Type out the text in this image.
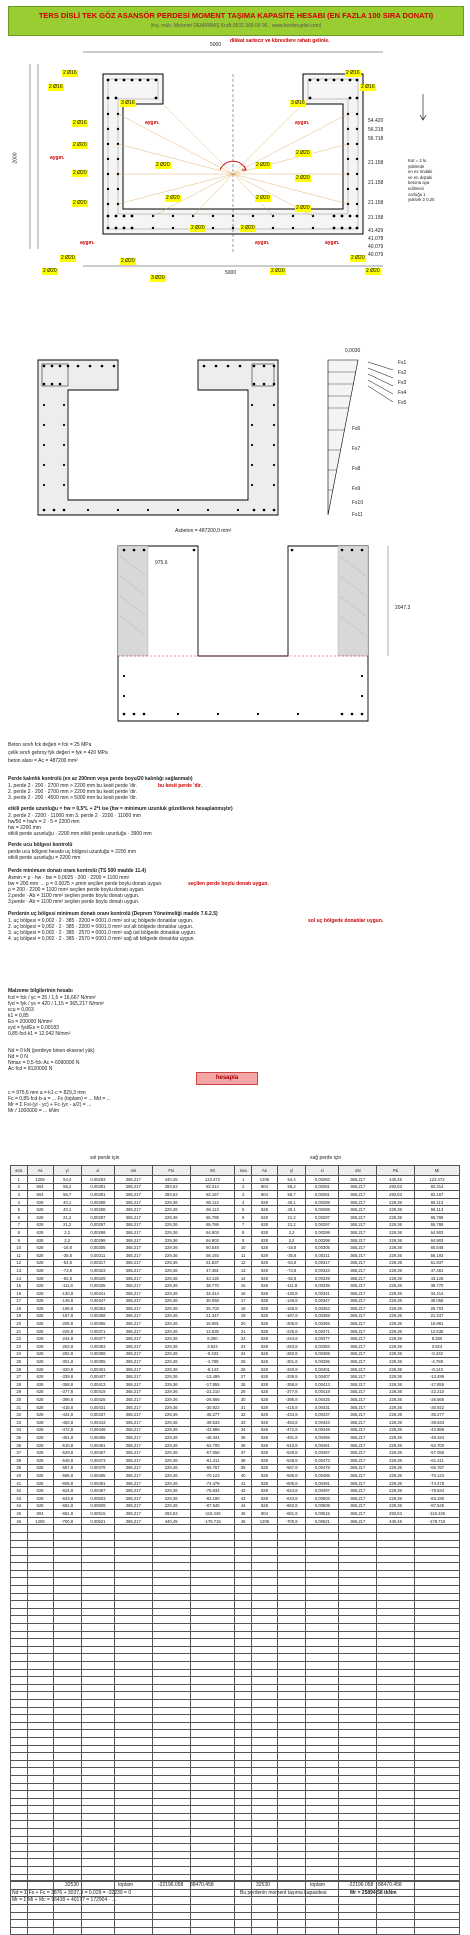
TERS DİSLİ TEK GÖZ ASANSÖR PERDESİ MOMENT TAŞIMA KAPASİTE HESABI (EN FAZLA 100 SIRA DONATI)
(inş. müh. Mehmet DEMİRBAŞ Kraft 0532 368 00 96 . www.herderuplet.com)
dikkat sarkıcır ve kbrestlere rahatı gelinle.
5000
5000
2000
2 Ø16
2 Ø16
3 Ø16
2 Ø16
2 Ø20
2 Ø20
2 Ø20
2 Ø20
2 Ø20
2 Ø20
3 Ø20
2 Ø16
2 Ø16
3 Ø16
2 Ø20
2 Ø20
2 Ø20
2 Ø20
2 Ø20
2 Ø20
2 Ø20	2 Ø20
2 Ø20	2 Ø20
2 Ø20	2 Ø20
aygın.
aygın.	aygın.
aygın.	aygın.	aygın.
54.420
56.218
56.718
21.158
21.158
21.158
21.158
41.429
41.078
40.079
40.079
Kut = 2 lu
yüklerde
en ev rindaki
ve en dıştaki
betona aya
edilmesi
zorluğu 1
yüksek 2 0,25
Fs1
Fs2
Fs3
Fs4
Fs5
Fs6
Fs7
Fs8
Fs9
Fs10
Fs11
0,0030
Asbeton = 487200,0 mm²
975,6
2047,3
Beton sınıfı fck değeri = fck = 25 MPa
çelik sınıfı gebroy fyk değeri = fyk = 420 MPa
beton alanı = Ac = 487200 mm²
Perde kalınlık kontrolü (en az 200mm veya perde boyu/20 kalınlığı sağlanmalı)
1. perde 2 · 200 · 2700 mm > 2200 mm bu kesit perde 'dir.
2. perde 2 · 200 · 2700 mm > 2200 mm bu kesit perde 'dir.
3. perde 2 · 200 · 4500 mm > 5000 mm bu kesit perde 'dir.
etkili perde uzunluğu = hw = 0,5*L + 2*t ise (hw = minimum uzunluk gözetilerek hesaplanmıştır)
2. perde 2 · 2200 · 11000 mm 3. perde 2 · 2200 · 11000 mm
hw/50 = hw/s = 2 · 5 = 2200 mm
hw = 2200 mm
etkili perde uzunluğu · 2200 mm etkili perde uzunluğu · 3900 mm
Perde ucu bölgesi kontrolü
perde ucu bölgesi hesabı uç bölgesi uzunluğu = 2200 mm
etkili perde uzunluğu = 2200 mm
Perde minimum donatı oranı kontrolü (TS 500 madde 11.4)
Asmin = ρ · hw · bw = 0,0025 · 200 · 2200 = 1100 mm²
bw = 200 mm → ρ = 0.0025 > ρmin seçilen perde boylu donatı uygun.
ρ = 200 · 2200 = 1100 mm² seçilen perde boylu donatı uygun.
2.perde · Ab = 1100 mm² seçilen perde boylu donatı uygun.
3.perde · Ab = 1100 mm² seçilen perde boylu donatı uygun.
Perdenin uç bölgesi minimum donatı oranı kontrolü (Deprem Yönetmeliği madde 7.6.2.5)
1. uç bölgesi = 0,002 · 2 · 385 · 2200 = 0001.0 mm² sol uç bölgede donatılar uygun.
2. uç bölgesi = 0,002 · 2 · 385 · 2200 = 0001.0 mm² sol alt bölgede donatılar uygun.
3. uç bölgesi = 0,002 · 2 · 385 · 2570 = 0001.0 mm² sağ üst bölgede donatılar uygun.
4. uç bölgesi = 0,002 · 2 · 385 · 2570 = 0001.0 mm² sağ alt bölgede donatılar uygun.
bu kesit perde 'dir.
seçilen perde boylu donatı uygun.
sol uç bölgede donatılar uygun.
Malzeme bilgilerinin hesabı
fcd = fck / γc = 25 / 1,5 = 16,667 N/mm²
fyd = fyk / γs = 420 / 1,15 = 365,217 N/mm²
εcu = 0,003
k1 = 0,85
Es = 200000 N/mm²
εyd = fyd/Es = 0,00183
0,85·fcd·k1 = 12,042 N/mm²
Nd = 0 kN (perdeye binen eksenel yük)
Nd = 0 N
Nmax = 0,5·fck·Ac = 6090000 N
Ac·fcd = 8120000 N
hesapla
c = 975,6 mm a = k1·c = 829,3 mm
Fc = 0,85·fcd·b·a = ... Fs (toplam) = ... Md = ...
Mr = Σ Fsi·(yi - yc) + Fc·(yc - a/2) = ...
Mr / 1000000 = ... kNm
sol perde için	sağ perde için
sıra	As	yi	εi	σsi	Fsi	Mi	sıra	As	yi	εi	σsi	Fsi	Mi
1	1206	54,4	0,00283	365,217	440,45	123.472	1	1206	54,4	0,00283	365,217	440,45	123.472
2	804	56,2	0,00281	365,217	293,63	82.314	2	804	56,2	0,00281	365,217	293,63	82.314
3	804	56,7	0,00281	365,217	293,63	82.167	3	804	56,7	0,00281	365,217	293,63	82.167
4	628	40,1	0,00288	365,217	229,36	66.113	4	628	40,1	0,00288	365,217	229,36	66.113
5	628	40,1	0,00288	365,217	229,36	66.113	5	628	40,1	0,00288	365,217	229,36	66.113
6	628	21,2	0,00297	365,217	229,36	65.786	6	628	21,2	0,00297	365,217	229,36	65.786
7	628	21,2	0,00297	365,217	229,36	65.786	7	628	21,2	0,00297	365,217	229,36	65.786
8	628	2,2	0,00299	365,217	229,36	64.903	8	628	2,2	0,00299	365,217	229,36	64.903
9	628	2,2	0,00299	365,217	229,36	64.903	9	628	2,2	0,00299	365,217	229,36	64.903
10	628	-16,8	0,00305	365,217	229,36	60.548	10	628	-16,8	0,00305	365,217	229,36	60.548
11	628	-35,8	0,00311	365,217	229,36	56.193	11	628	-35,8	0,00311	365,217	229,36	56.193
12	628	-54,8	0,00317	365,217	229,36	51.837	12	628	-54,8	0,00317	365,217	229,36	51.837
13	628	-73,8	0,00323	365,217	229,36	47.481	13	628	-73,8	0,00323	365,217	229,36	47.481
14	628	-92,8	0,00329	365,217	229,36	43.126	14	628	-92,8	0,00329	365,217	229,36	43.126
15	628	-111,8	0,00335	365,217	229,36	38.770	15	628	-111,8	0,00335	365,217	229,36	38.770
16	628	-130,8	0,00341	365,217	229,36	34.414	16	628	-130,8	0,00341	365,217	229,36	34.414
17	628	-149,8	0,00347	365,217	229,36	30.058	17	628	-149,8	0,00347	365,217	229,36	30.058
18	628	-168,8	0,00353	365,217	229,36	25.703	18	628	-168,8	0,00353	365,217	229,36	25.703
19	628	-187,8	0,00359	365,217	229,36	21.347	19	628	-187,8	0,00359	365,217	229,36	21.347
20	628	-206,8	0,00365	365,217	229,36	16.991	20	628	-206,8	0,00365	365,217	229,36	16.991
21	628	-225,8	0,00371	365,217	229,36	12.635	21	628	-225,8	0,00371	365,217	229,36	12.635
22	628	-244,8	0,00377	365,217	229,36	8.280	22	628	-244,8	0,00377	365,217	229,36	8.280
23	628	-263,8	0,00383	365,217	229,36	3.924	23	628	-263,8	0,00383	365,217	229,36	3.924
24	628	-282,8	0,00389	365,217	229,36	-0.432	24	628	-282,8	0,00389	365,217	229,36	-0.432
25	628	-301,8	0,00395	365,217	229,36	-4.788	25	628	-301,8	0,00395	365,217	229,36	-4.788
26	628	-320,8	0,00401	365,217	229,36	-9.143	26	628	-320,8	0,00401	365,217	229,36	-9.143
27	628	-339,8	0,00407	365,217	229,36	-13.499	27	628	-339,8	0,00407	365,217	229,36	-13.499
28	628	-358,8	0,00413	365,217	229,36	-17.855	28	628	-358,8	0,00413	365,217	229,36	-17.855
29	628	-377,8	0,00419	365,217	229,36	-22.210	29	628	-377,8	0,00419	365,217	229,36	-22.210
30	628	-396,8	0,00425	365,217	229,36	-26.566	30	628	-396,8	0,00425	365,217	229,36	-26.566
31	628	-415,8	0,00431	365,217	229,36	-30.922	31	628	-415,8	0,00431	365,217	229,36	-30.922
32	628	-434,8	0,00437	365,217	229,36	-35.277	32	628	-434,8	0,00437	365,217	229,36	-35.277
33	628	-453,8	0,00443	365,217	229,36	-39.633	33	628	-453,8	0,00443	365,217	229,36	-39.633
34	628	-472,8	0,00449	365,217	229,36	-43.989	34	628	-472,8	0,00449	365,217	229,36	-43.989
35	628	-491,8	0,00455	365,217	229,36	-48.344	35	628	-491,8	0,00455	365,217	229,36	-48.344
36	628	-510,8	0,00461	365,217	229,36	-52.700	36	628	-510,8	0,00461	365,217	229,36	-52.700
37	628	-529,8	0,00467	365,217	229,36	-57.056	37	628	-529,8	0,00467	365,217	229,36	-57.056
38	628	-548,8	0,00473	365,217	229,36	-61.411	38	628	-548,8	0,00473	365,217	229,36	-61.411
39	628	-567,8	0,00479	365,217	229,36	-65.767	39	628	-567,8	0,00479	365,217	229,36	-65.767
40	628	-586,8	0,00485	365,217	229,36	-70.123	40	628	-586,8	0,00485	365,217	229,36	-70.123
41	628	-605,8	0,00491	365,217	229,36	-74.478	41	628	-605,8	0,00491	365,217	229,36	-74.478
42	628	-624,8	0,00497	365,217	229,36	-78.834	42	628	-624,8	0,00497	365,217	229,36	-78.834
43	628	-643,8	0,00503	365,217	229,36	-83.190	43	628	-643,8	0,00503	365,217	229,36	-83.190
44	628	-662,8	0,00509	365,217	229,36	-87.545	44	628	-662,8	0,00509	365,217	229,36	-87.545
45	804	-681,8	0,00515	365,217	293,63	-116.245	45	804	-681,8	0,00515	365,217	293,63	-116.245
46	1206	-700,8	0,00521	365,217	440,45	-178.715	46	1206	-700,8	0,00521	365,217	440,45	-178.715

32530	toplam	-22196.058 88470.458	32530	toplam	-22196.058 88470.458
Nd = Σ Fs + Fc = 3876 + 3037,3 = 0,029 = -32239 = 0
Mr = Σ Mi + Mc = 96439 + 40177 = 172904 · ...
Bu perdenin moment taşıma kapasitesi	Mr = 25894,58 tkNm
